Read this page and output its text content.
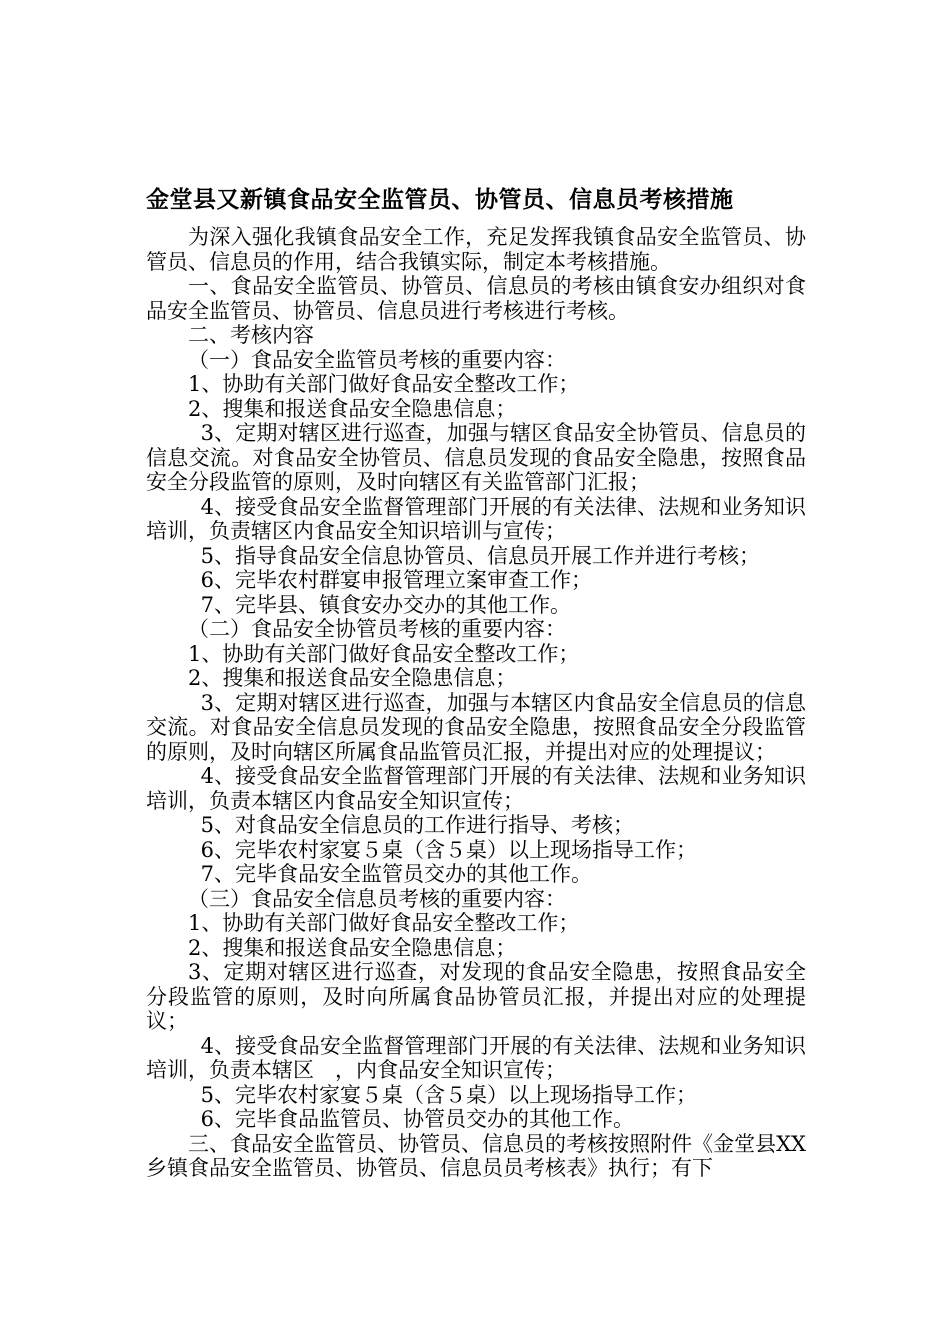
金堂县又新镇食品安全监管员、协管员、信息员考核措施

为深入强化我镇食品安全工作，充足发挥我镇食品安全监管员、协管员、信息员的作用，结合我镇实际，制定本考核措施。

一、食品安全监管员、协管员、信息员的考核由镇食安办组织对食品安全监管员、协管员、信息员进行考核进行考核。

二、考核内容

（一）食品安全监管员考核的重要内容：

1、协助有关部门做好食品安全整改工作；

2、搜集和报送食品安全隐患信息；

3、定期对辖区进行巡查，加强与辖区食品安全协管员、信息员的信息交流。对食品安全协管员、信息员发现的食品安全隐患，按照食品安全分段监管的原则，及时向辖区有关监管部门汇报；

4、接受食品安全监督管理部门开展的有关法律、法规和业务知识培训，负责辖区内食品安全知识培训与宣传；

5、指导食品安全信息协管员、信息员开展工作并进行考核；

6、完毕农村群宴申报管理立案审查工作；

7、完毕县、镇食安办交办的其他工作。

（二）食品安全协管员考核的重要内容：

1、协助有关部门做好食品安全整改工作；

2、搜集和报送食品安全隐患信息；

3、定期对辖区进行巡查，加强与本辖区内食品安全信息员的信息交流。对食品安全信息员发现的食品安全隐患，按照食品安全分段监管的原则，及时向辖区所属食品监管员汇报，并提出对应的处理提议；

4、接受食品安全监督管理部门开展的有关法律、法规和业务知识培训，负责本辖区内食品安全知识宣传；

5、对食品安全信息员的工作进行指导、考核；

6、完毕农村家宴５桌（含５桌）以上现场指导工作；

7、完毕食品安全监管员交办的其他工作。

（三）食品安全信息员考核的重要内容：

1、协助有关部门做好食品安全整改工作；

2、搜集和报送食品安全隐患信息；

3、定期对辖区进行巡查，对发现的食品安全隐患，按照食品安全分段监管的原则，及时向所属食品协管员汇报，并提出对应的处理提议；

4、接受食品安全监督管理部门开展的有关法律、法规和业务知识培训，负责本辖区　，内食品安全知识宣传；

5、完毕农村家宴５桌（含５桌）以上现场指导工作；

6、完毕食品监管员、协管员交办的其他工作。

三、食品安全监管员、协管员、信息员的考核按照附件《金堂县XX乡镇食品安全监管员、协管员、信息员员考核表》执行；有下
